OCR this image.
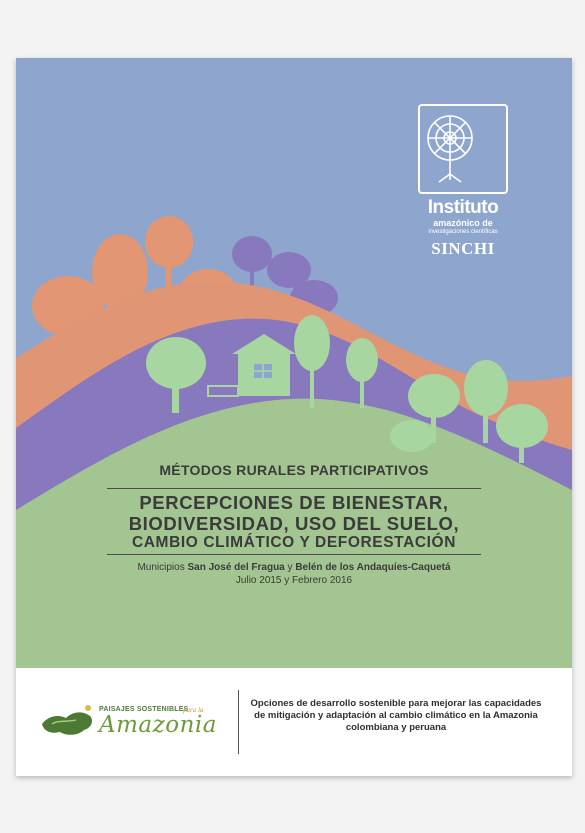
Instituto
amazónico de
investigaciones científicas
SINCHI
MÉTODOS RURALES PARTICIPATIVOS
PERCEPCIONES DE BIENESTAR,
BIODIVERSIDAD, USO DEL SUELO,
CAMBIO CLIMÁTICO Y DEFORESTACIÓN
Municipios San José del Fragua y Belén de los Andaquíes-Caquetá
Julio 2015 y Febrero 2016
PAISAJES SOSTENIBLES
para la
Amazonia
Opciones de desarrollo sostenible para mejorar las capacidades de mitigación y adaptación al cambio climático en la Amazonia colombiana y peruana
